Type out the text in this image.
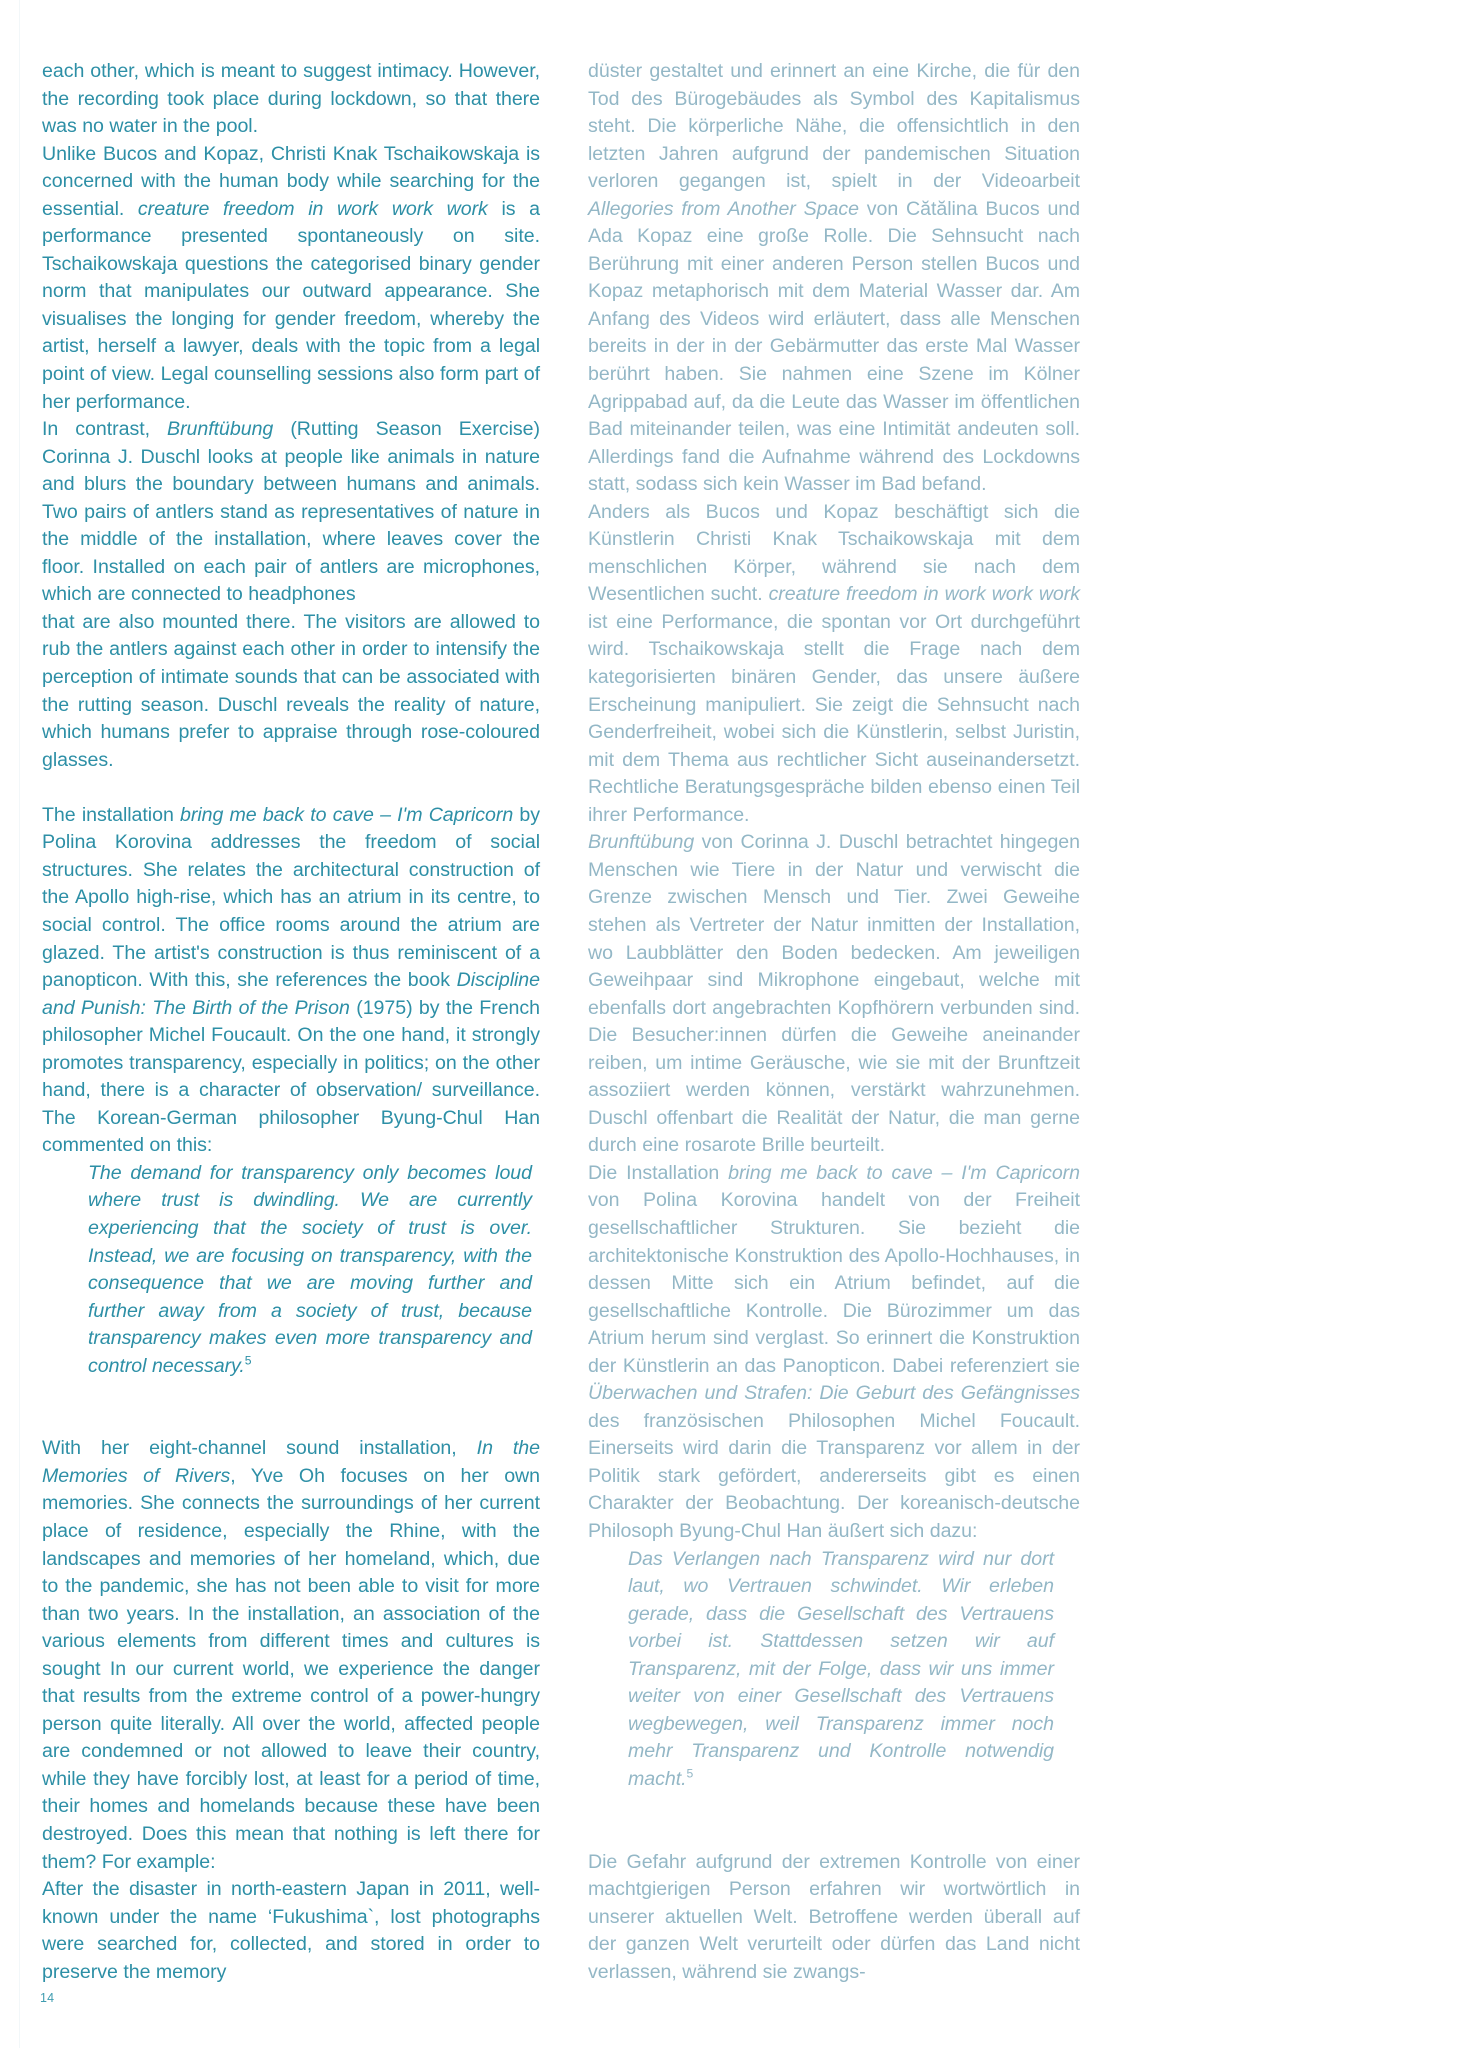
each other, which is meant to suggest intimacy. However, the recording took place during lockdown, so that there was no water in the pool.

Unlike Bucos and Kopaz, Christi Knak Tschaikowskaja is concerned with the human body while searching for the essential. creature freedom in work work work is a performance presented spontaneously on site. Tschaikowskaja questions the categorised binary gender norm that manipulates our outward appearance. She visualises the longing for gender freedom, whereby the artist, herself a lawyer, deals with the topic from a legal point of view. Legal counselling sessions also form part of her performance.

In contrast, Brunftübung (Rutting Season Exercise) Corinna J. Duschl looks at people like animals in nature and blurs the boundary between humans and animals. Two pairs of antlers stand as representatives of nature in the middle of the installation, where leaves cover the floor. Installed on each pair of antlers are microphones, which are connected to headphones

that are also mounted there. The visitors are allowed to rub the antlers against each other in order to intensify the perception of intimate sounds that can be associated with the rutting season. Duschl reveals the reality of nature, which humans prefer to appraise through rose-coloured glasses.

The installation bring me back to cave – I'm Capricorn by Polina Korovina addresses the freedom of social structures. She relates the architectural construction of the Apollo high-rise, which has an atrium in its centre, to social control. The office rooms around the atrium are glazed. The artist's construction is thus reminiscent of a panopticon. With this, she references the book Discipline and Punish: The Birth of the Prison (1975) by the French philosopher Michel Foucault. On the one hand, it strongly promotes transparency, especially in politics; on the other hand, there is a character of observation/ surveillance. The Korean-German philosopher Byung-Chul Han commented on this:

The demand for transparency only becomes loud where trust is dwindling. We are currently experiencing that the society of trust is over. Instead, we are focusing on transparency, with the consequence that we are moving further and further away from a society of trust, because transparency makes even more transparency and control necessary.$^5$

With her eight-channel sound installation, In the Memories of Rivers, Yve Oh focuses on her own memories. She connects the surroundings of her current place of residence, especially the Rhine, with the landscapes and memories of her homeland, which, due to the pandemic, she has not been able to visit for more than two years. In the installation, an association of the various elements from different times and cultures is sought In our current world, we experience the danger that results from the extreme control of a power-hungry person quite literally. All over the world, affected people are condemned or not allowed to leave their country, while they have forcibly lost, at least for a period of time, their homes and homelands because these have been destroyed. Does this mean that nothing is left there for them? For example:

After the disaster in north-eastern Japan in 2011, well-known under the name ‘Fukushima`, lost photographs were searched for, collected, and stored in order to preserve the memory

düster gestaltet und erinnert an eine Kirche, die für den Tod des Bürogebäudes als Symbol des Kapitalismus steht. Die körperliche Nähe, die offensichtlich in den letzten Jahren aufgrund der pandemischen Situation verloren gegangen ist, spielt in der Videoarbeit Allegories from Another Space von Cătălina Bucos und Ada Kopaz eine große Rolle. Die Sehnsucht nach Berührung mit einer anderen Person stellen Bucos und Kopaz metaphorisch mit dem Material Wasser dar. Am Anfang des Videos wird erläutert, dass alle Menschen bereits in der in der Gebärmutter das erste Mal Wasser berührt haben. Sie nahmen eine Szene im Kölner Agrippabad auf, da die Leute das Wasser im öffentlichen Bad miteinander teilen, was eine Intimität andeuten soll. Allerdings fand die Aufnahme während des Lockdowns statt, sodass sich kein Wasser im Bad befand.

Anders als Bucos und Kopaz beschäftigt sich die Künstlerin Christi Knak Tschaikowskaja mit dem menschlichen Körper, während sie nach dem Wesentlichen sucht. creature freedom in work work work ist eine Performance, die spontan vor Ort durchgeführt wird. Tschaikowskaja stellt die Frage nach dem kategorisierten binären Gender, das unsere äußere Erscheinung manipuliert. Sie zeigt die Sehnsucht nach Genderfreiheit, wobei sich die Künstlerin, selbst Juristin, mit dem Thema aus rechtlicher Sicht auseinandersetzt. Rechtliche Beratungsgespräche bilden ebenso einen Teil ihrer Performance.

Brunftübung von Corinna J. Duschl betrachtet hingegen Menschen wie Tiere in der Natur und verwischt die Grenze zwischen Mensch und Tier. Zwei Geweihe stehen als Vertreter der Natur inmitten der Installation, wo Laubblätter den Boden bedecken. Am jeweiligen Geweihpaar sind Mikrophone eingebaut, welche mit ebenfalls dort angebrachten Kopfhörern verbunden sind. Die Besucher:innen dürfen die Geweihe aneinander reiben, um intime Geräusche, wie sie mit der Brunftzeit assoziiert werden können, verstärkt wahrzunehmen. Duschl offenbart die Realität der Natur, die man gerne durch eine rosarote Brille beurteilt.

Die Installation bring me back to cave – I'm Capricorn von Polina Korovina handelt von der Freiheit gesellschaftlicher Strukturen. Sie bezieht die architektonische Konstruktion des Apollo-Hochhauses, in dessen Mitte sich ein Atrium befindet, auf die gesellschaftliche Kontrolle. Die Bürozimmer um das Atrium herum sind verglast. So erinnert die Konstruktion der Künstlerin an das Panopticon. Dabei referenziert sie Überwachen und Strafen: Die Geburt des Gefängnisses des französischen Philosophen Michel Foucault. Einerseits wird darin die Transparenz vor allem in der Politik stark gefördert, andererseits gibt es einen Charakter der Beobachtung. Der koreanisch-deutsche Philosoph Byung-Chul Han äußert sich dazu:

Das Verlangen nach Transparenz wird nur dort laut, wo Vertrauen schwindet. Wir erleben gerade, dass die Gesellschaft des Vertrauens vorbei ist. Stattdessen setzen wir auf Transparenz, mit der Folge, dass wir uns immer weiter von einer Gesellschaft des Vertrauens wegbewegen, weil Transparenz immer noch mehr Transparenz und Kontrolle notwendig macht.$^5$

Die Gefahr aufgrund der extremen Kontrolle von einer machtgierigen Person erfahren wir wortwörtlich in unserer aktuellen Welt. Betroffene werden überall auf der ganzen Welt verurteilt oder dürfen das Land nicht verlassen, während sie zwangs-

14
